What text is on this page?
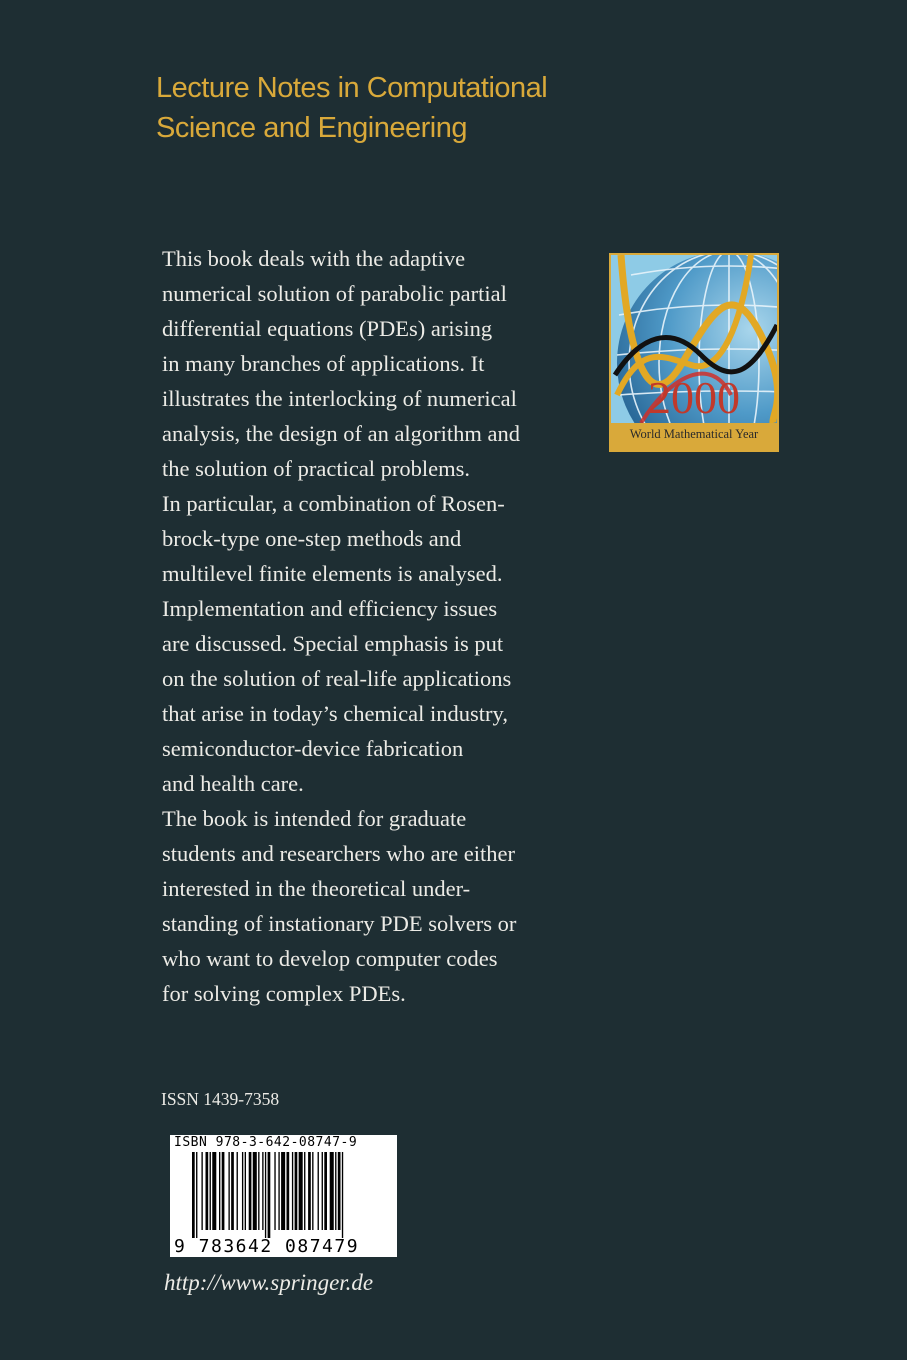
Lecture Notes in Computational
Science and Engineering
This book deals with the adaptive
numerical solution of parabolic partial
differential equations (PDEs) arising
in many branches of applications. It
illustrates the interlocking of numerical
analysis, the design of an algorithm and
the solution of practical problems.
In particular, a combination of Rosen-
brock-type one-step methods and
multilevel finite elements is analysed.
Implementation and efficiency issues
are discussed. Special emphasis is put
on the solution of real-life applications
that arise in today’s chemical industry,
semiconductor-device fabrication
and health care.
The book is intended for graduate
students and researchers who are either
interested in the theoretical under-
standing of instationary PDE solvers or
who want to develop computer codes
for solving complex PDEs.
2000
World Mathematical Year
ISSN 1439-7358
ISBN 978-3-642-08747-9
9 783642 087479
http://www.springer.de
